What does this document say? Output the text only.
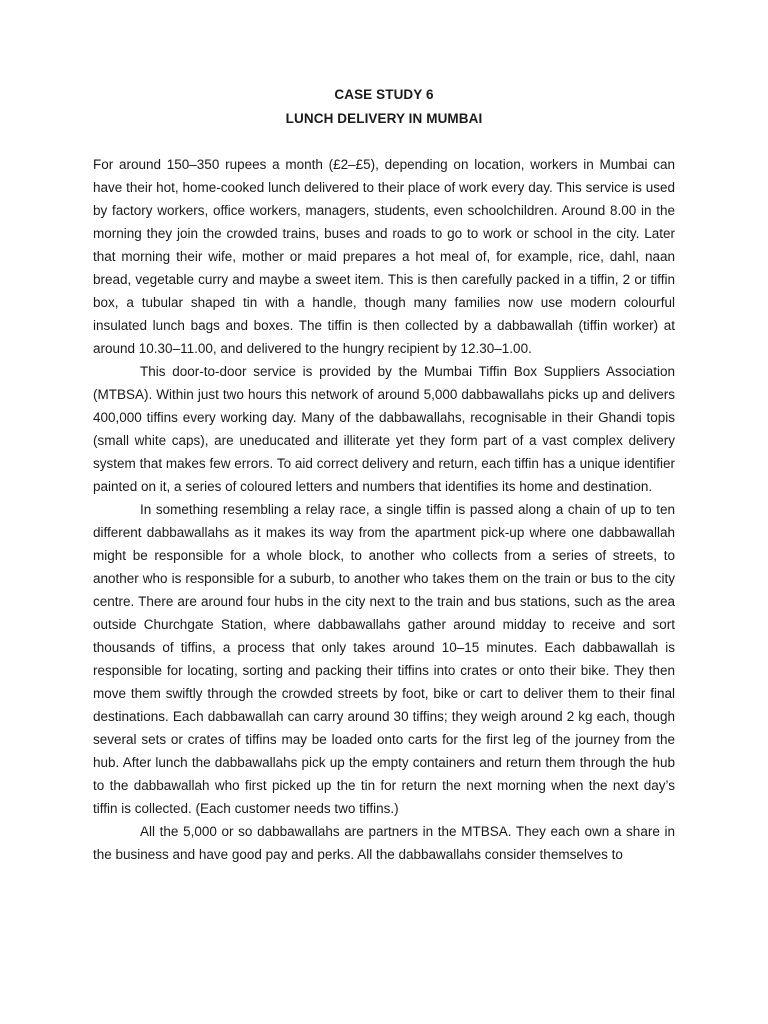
CASE STUDY 6
LUNCH DELIVERY IN MUMBAI

For around 150–350 rupees a month (£2–£5), depending on location, workers in Mumbai can have their hot, home-cooked lunch delivered to their place of work every day. This service is used by factory workers, office workers, managers, students, even schoolchildren. Around 8.00 in the morning they join the crowded trains, buses and roads to go to work or school in the city. Later that morning their wife, mother or maid prepares a hot meal of, for example, rice, dahl, naan bread, vegetable curry and maybe a sweet item. This is then carefully packed in a tiffin, 2 or tiffin box, a tubular shaped tin with a handle, though many families now use modern colourful insulated lunch bags and boxes. The tiffin is then collected by a dabbawallah (tiffin worker) at around 10.30–11.00, and delivered to the hungry recipient by 12.30–1.00.

This door-to-door service is provided by the Mumbai Tiffin Box Suppliers Association (MTBSA). Within just two hours this network of around 5,000 dabbawallahs picks up and delivers 400,000 tiffins every working day. Many of the dabbawallahs, recognisable in their Ghandi topis (small white caps), are uneducated and illiterate yet they form part of a vast complex delivery system that makes few errors. To aid correct delivery and return, each tiffin has a unique identifier painted on it, a series of coloured letters and numbers that identifies its home and destination.

In something resembling a relay race, a single tiffin is passed along a chain of up to ten different dabbawallahs as it makes its way from the apartment pick-up where one dabbawallah might be responsible for a whole block, to another who collects from a series of streets, to another who is responsible for a suburb, to another who takes them on the train or bus to the city centre. There are around four hubs in the city next to the train and bus stations, such as the area outside Churchgate Station, where dabbawallahs gather around midday to receive and sort thousands of tiffins, a process that only takes around 10–15 minutes. Each dabbawallah is responsible for locating, sorting and packing their tiffins into crates or onto their bike. They then move them swiftly through the crowded streets by foot, bike or cart to deliver them to their final destinations. Each dabbawallah can carry around 30 tiffins; they weigh around 2 kg each, though several sets or crates of tiffins may be loaded onto carts for the first leg of the journey from the hub. After lunch the dabbawallahs pick up the empty containers and return them through the hub to the dabbawallah who first picked up the tin for return the next morning when the next day’s tiffin is collected. (Each customer needs two tiffins.)

All the 5,000 or so dabbawallahs are partners in the MTBSA. They each own a share in the business and have good pay and perks. All the dabbawallahs consider themselves to
